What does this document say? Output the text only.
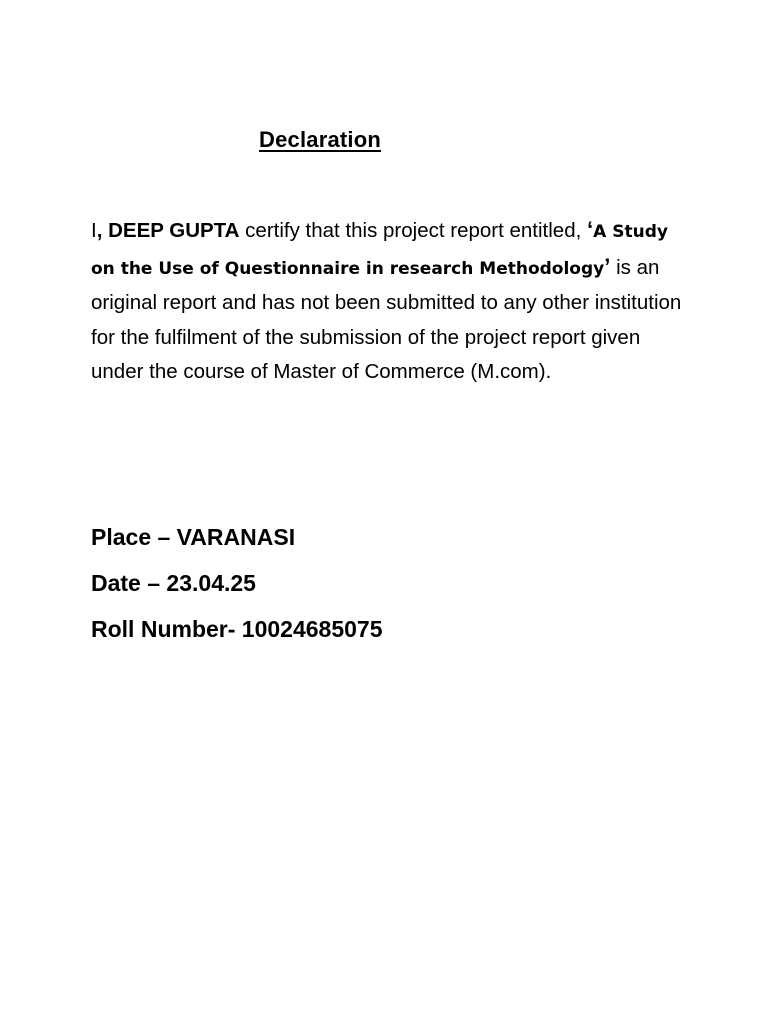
Declaration
I, DEEP GUPTA certify that this project report entitled, ‘A Study on the Use of Questionnaire in research Methodology’ is an original report and has not been submitted to any other institution for the fulfilment of the submission of the project report given under the course of Master of Commerce (M.com).
Place – VARANASI
Date – 23.04.25
Roll Number- 10024685075
